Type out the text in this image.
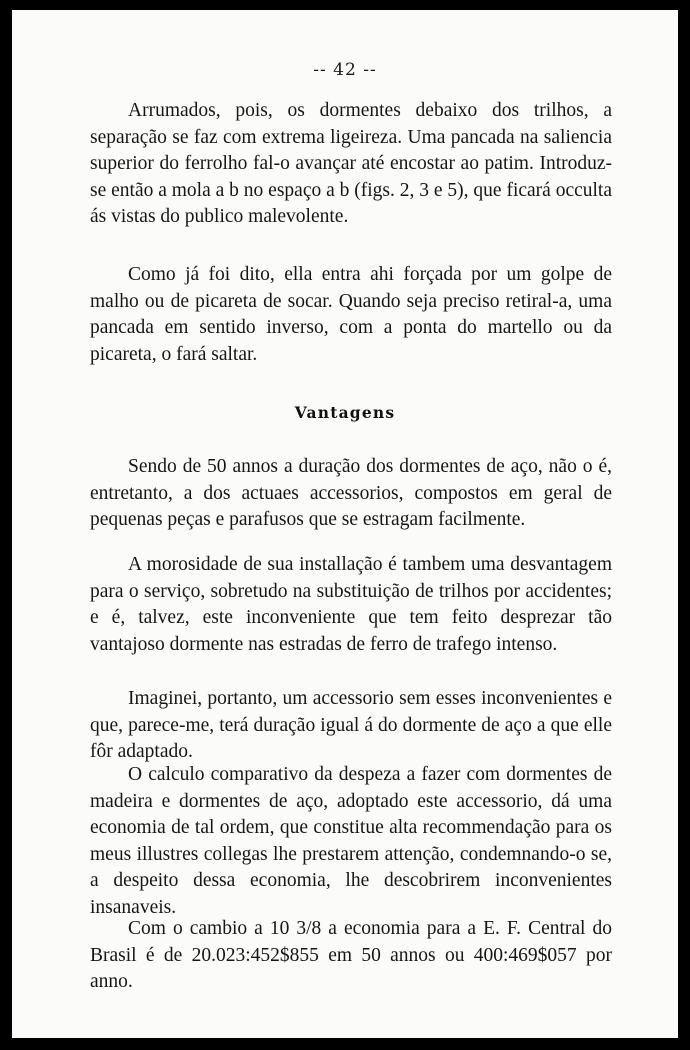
-- 42 --

Arrumados, pois, os dormentes debaixo dos trilhos, a separação se faz com extrema ligeireza. Uma pancada na saliencia superior do ferrolho fal-o avançar até encostar ao patim. Introduz-se então a mola a b no espaço a b (figs. 2, 3 e 5), que ficará occulta ás vistas do publico malevolente.

Como já foi dito, ella entra ahi forçada por um golpe de malho ou de picareta de socar. Quando seja preciso retiral-a, uma pancada em sentido inverso, com a ponta do martello ou da picareta, o fará saltar.

Vantagens

Sendo de 50 annos a duração dos dormentes de aço, não o é, entretanto, a dos actuaes accessorios, compostos em geral de pequenas peças e parafusos que se estragam facilmente.

A morosidade de sua installação é tambem uma desvantagem para o serviço, sobretudo na substituição de trilhos por accidentes; e é, talvez, este inconveniente que tem feito desprezar tão vantajoso dormente nas estradas de ferro de trafego intenso.

Imaginei, portanto, um accessorio sem esses inconvenientes e que, parece-me, terá duração igual á do dormente de aço a que elle fôr adaptado.

O calculo comparativo da despeza a fazer com dormentes de madeira e dormentes de aço, adoptado este accessorio, dá uma economia de tal ordem, que constitue alta recommendação para os meus illustres collegas lhe prestarem attenção, condemnando-o se, a despeito dessa economia, lhe descobrirem inconvenientes insanaveis.

Com o cambio a 10 3/8 a economia para a E. F. Central do Brasil é de 20.023:452$855 em 50 annos ou 400:469$057 por anno.
